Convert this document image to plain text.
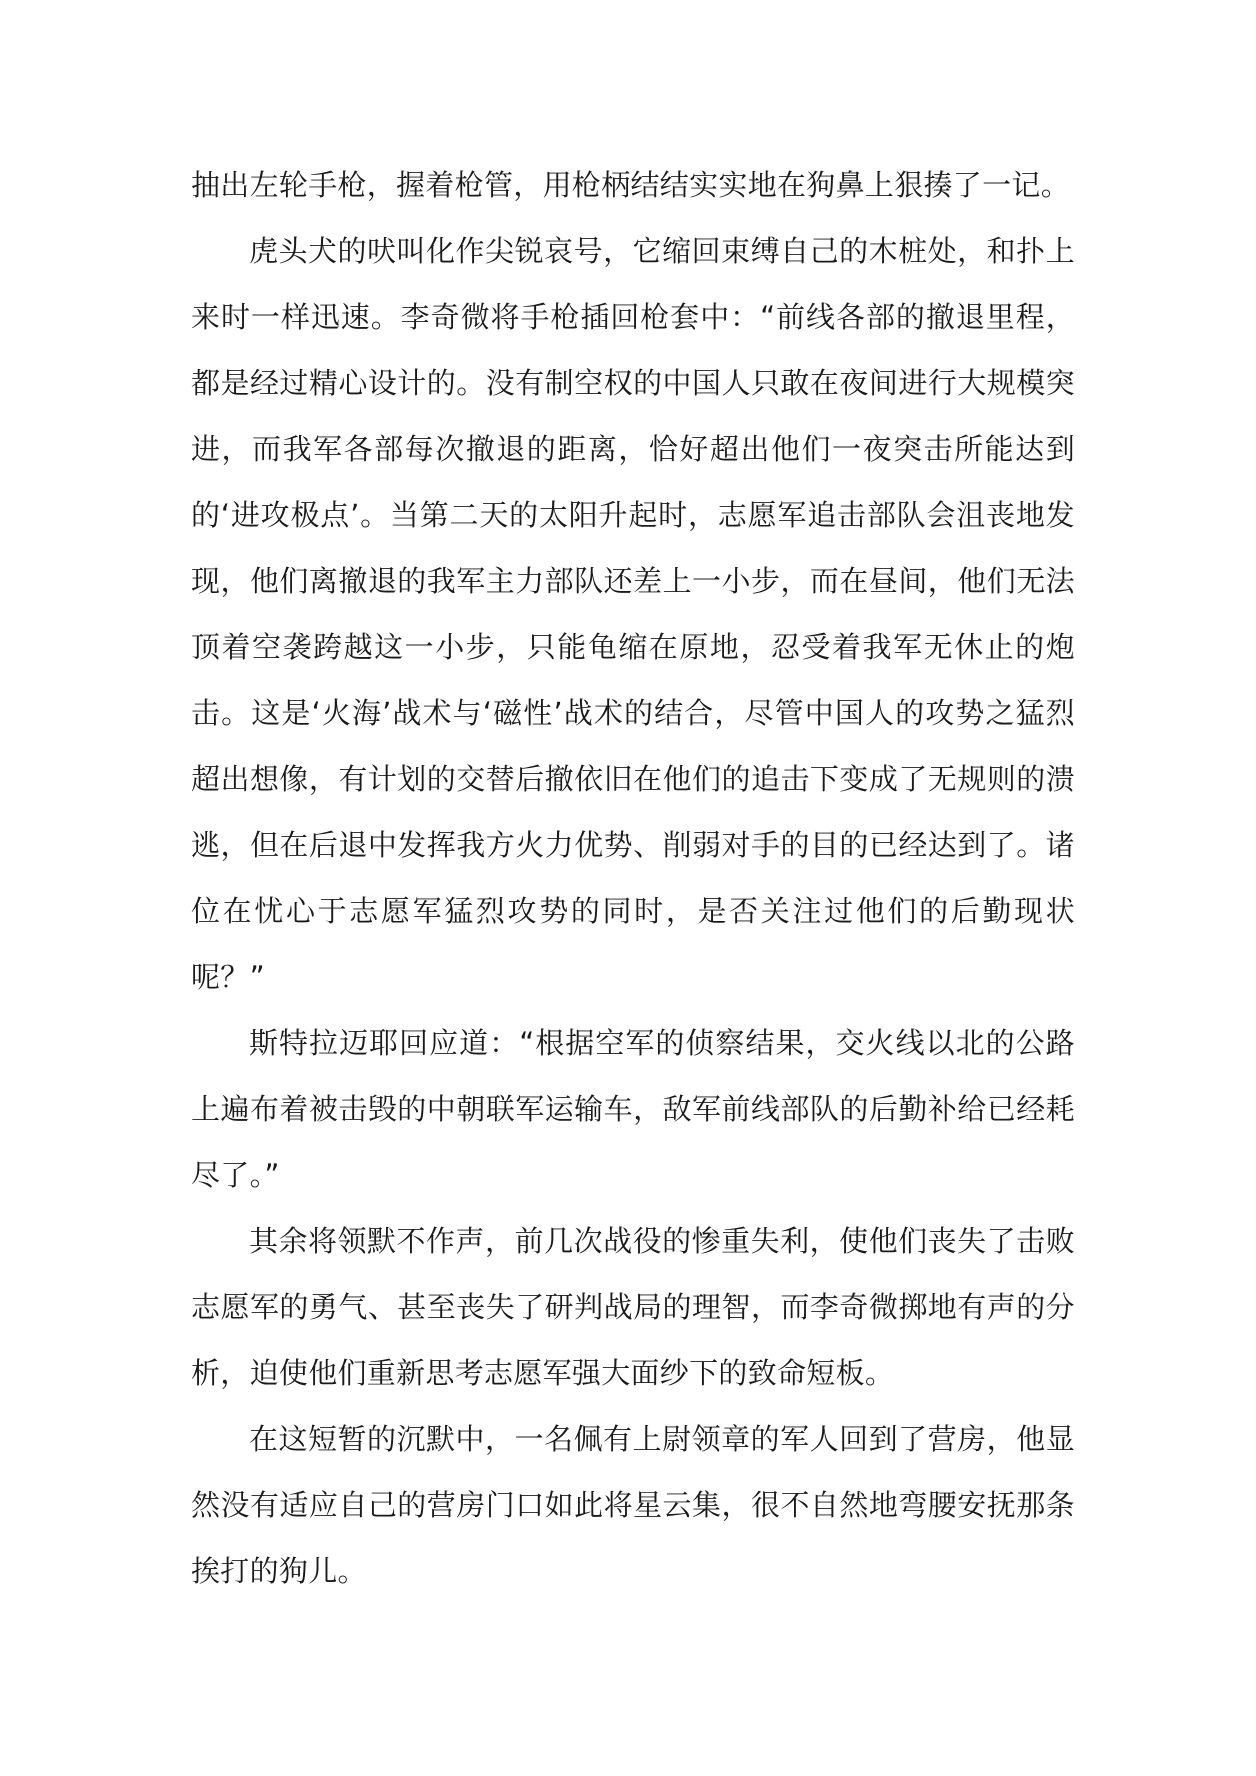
抽出左轮手枪，握着枪管，用枪柄结结实实地在狗鼻上狠揍了一记。

虎头犬的吠叫化作尖锐哀号，它缩回束缚自己的木桩处，和扑上来时一样迅速。李奇微将手枪插回枪套中：“前线各部的撤退里程，都是经过精心设计的。没有制空权的中国人只敢在夜间进行大规模突进，而我军各部每次撤退的距离，恰好超出他们一夜突击所能达到的‘进攻极点’。当第二天的太阳升起时，志愿军追击部队会沮丧地发现，他们离撤退的我军主力部队还差上一小步，而在昼间，他们无法顶着空袭跨越这一小步，只能龟缩在原地，忍受着我军无休止的炮击。这是‘火海’战术与‘磁性’战术的结合，尽管中国人的攻势之猛烈超出想像，有计划的交替后撤依旧在他们的追击下变成了无规则的溃逃，但在后退中发挥我方火力优势、削弱对手的目的已经达到了。诸位在忧心于志愿军猛烈攻势的同时，是否关注过他们的后勤现状呢？”

斯特拉迈耶回应道：“根据空军的侦察结果，交火线以北的公路上遍布着被击毁的中朝联军运输车，敌军前线部队的后勤补给已经耗尽了。”

其余将领默不作声，前几次战役的惨重失利，使他们丧失了击败志愿军的勇气、甚至丧失了研判战局的理智，而李奇微掷地有声的分析，迫使他们重新思考志愿军强大面纱下的致命短板。

在这短暂的沉默中，一名佩有上尉领章的军人回到了营房，他显然没有适应自己的营房门口如此将星云集，很不自然地弯腰安抚那条挨打的狗儿。
